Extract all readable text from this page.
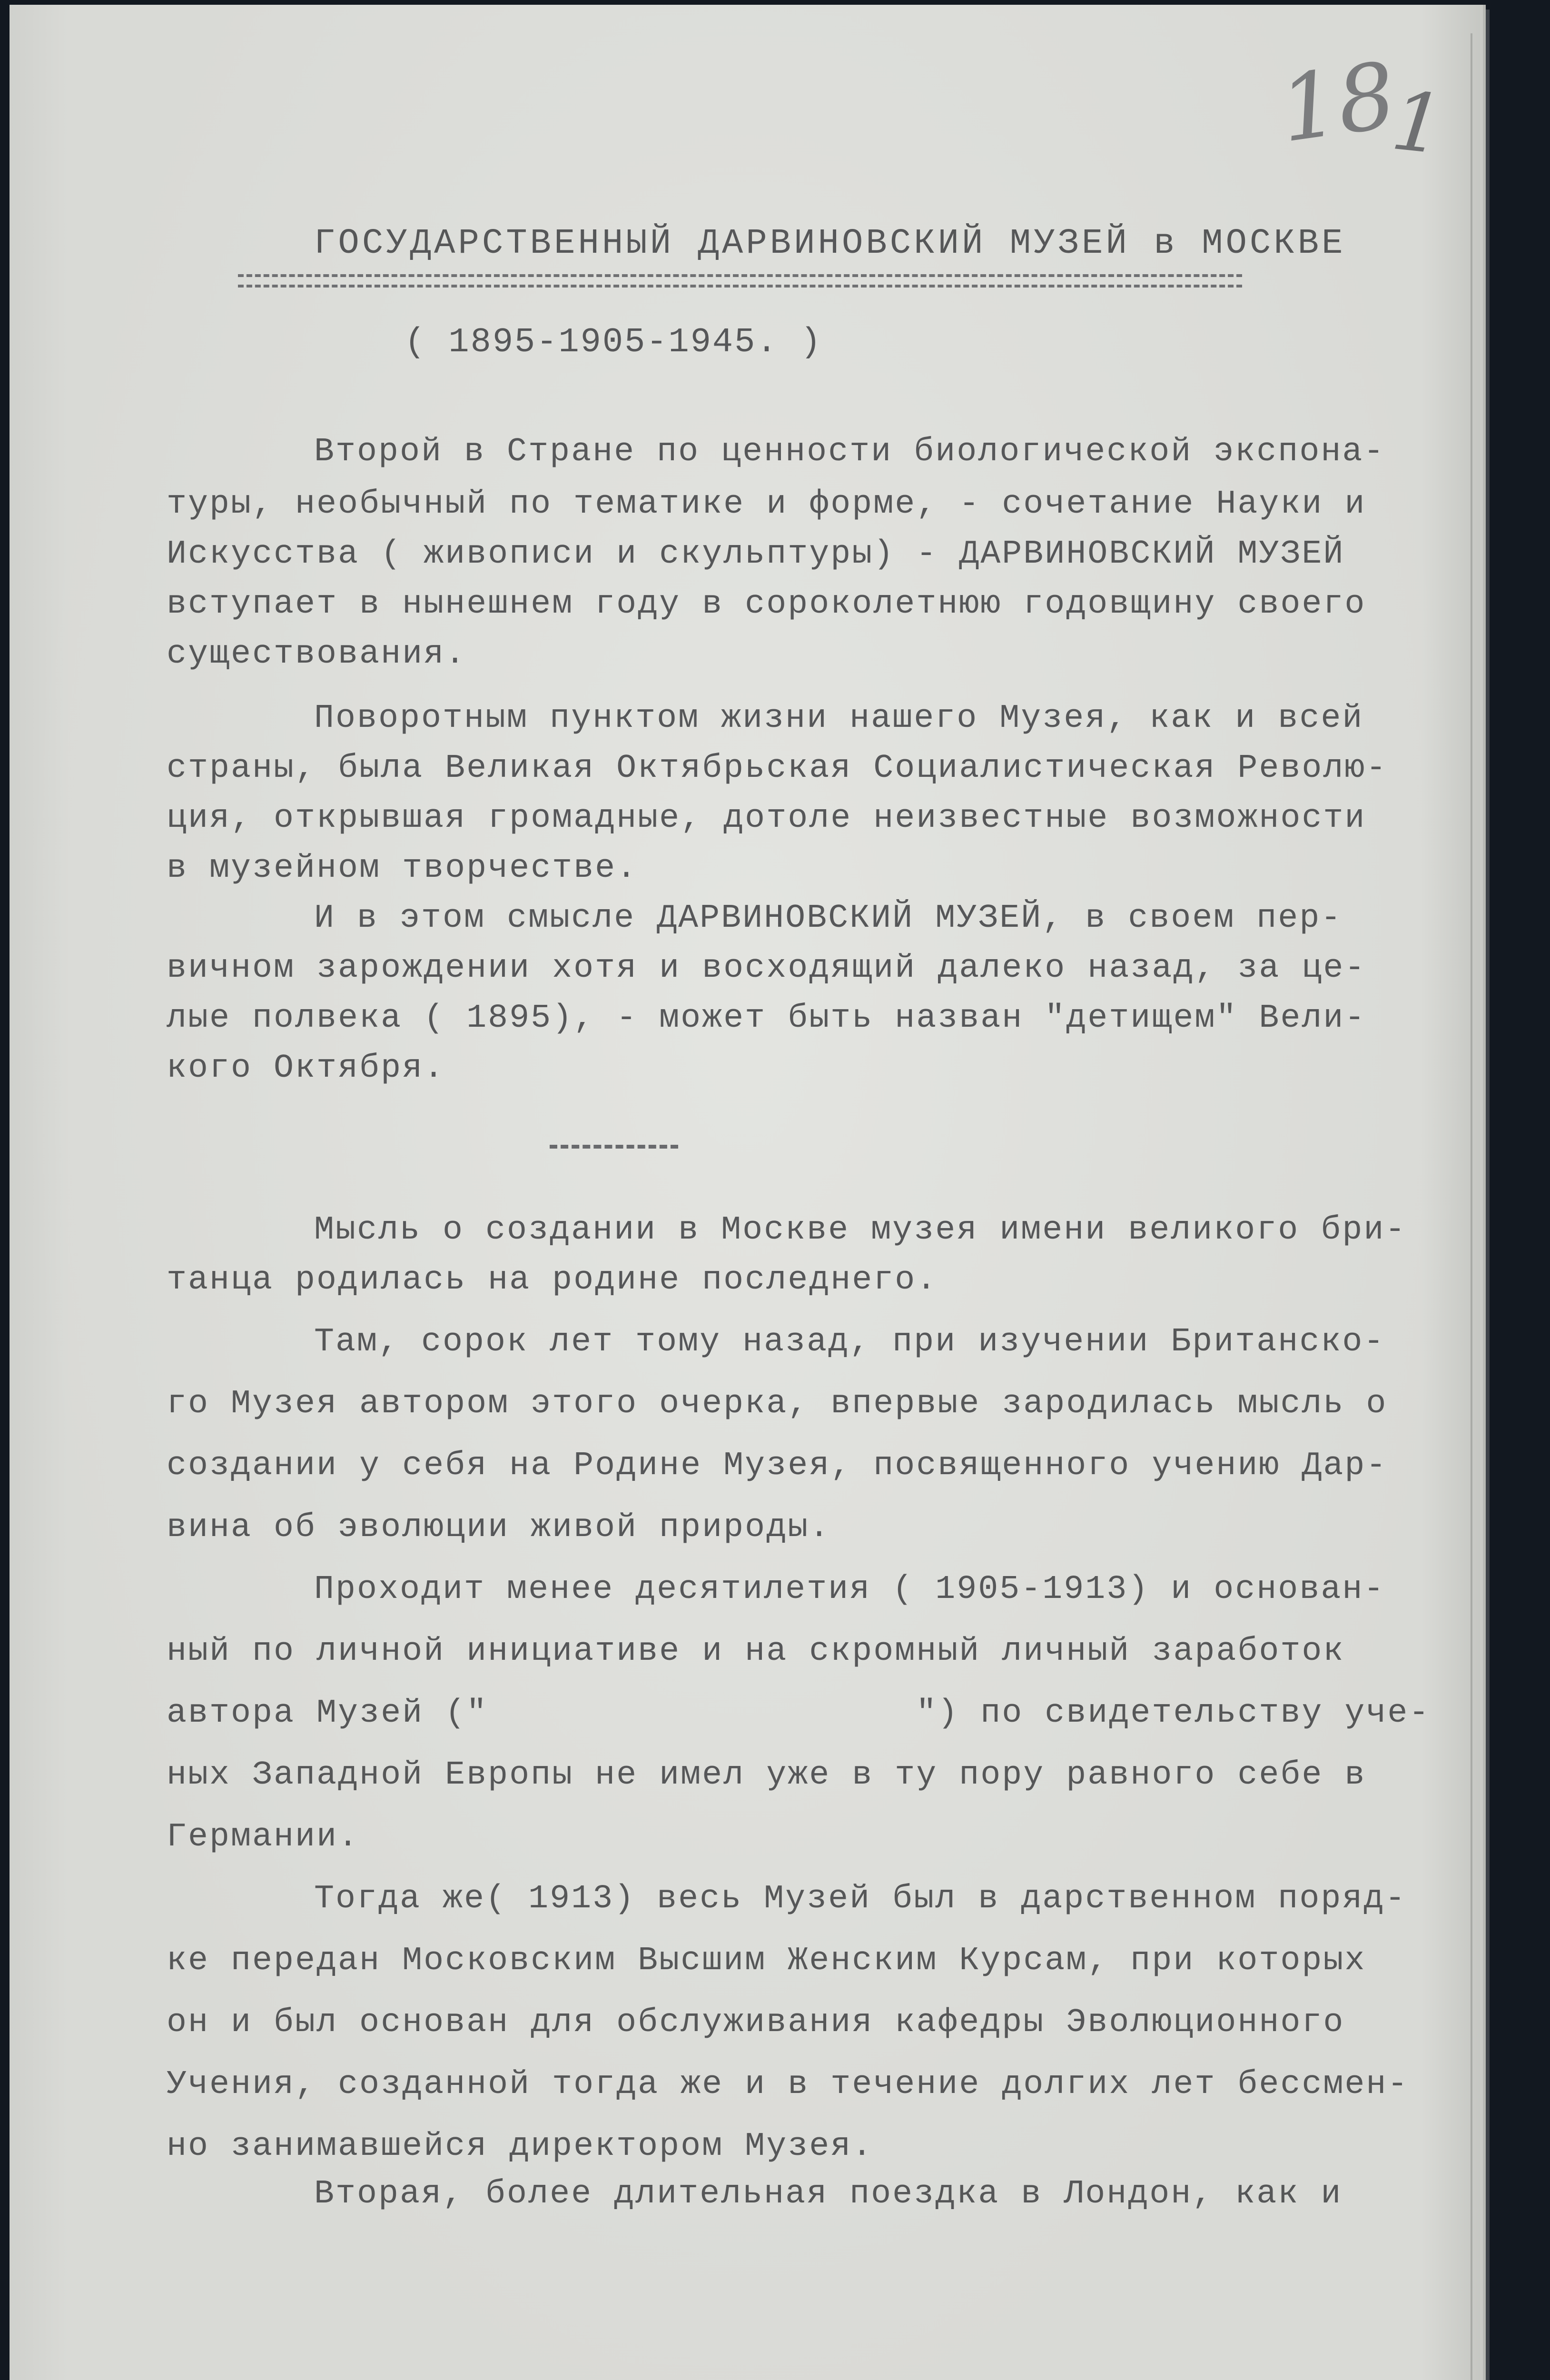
18
1
ГОСУДАРСТВЕННЫЙ ДАРВИНОВСКИЙ МУЗЕЙ в МОСКВЕ
( 1895-1905-1945. )
Второй в Стране по ценности биологической экспона-
туры, необычный по тематике и форме, - сочетание Науки и
Искусства ( живописи и скульптуры) - ДАРВИНОВСКИЙ МУЗЕЙ
вступает в нынешнем году в сороколетнюю годовщину своего
существования.
Поворотным пунктом жизни нашего Музея, как и всей
страны, была Великая Октябрьская Социалистическая Револю-
ция, открывшая громадные, дотоле неизвестные возможности
в музейном творчестве.
И в этом смысле ДАРВИНОВСКИЙ МУЗЕЙ, в своем пер-
вичном зарождении хотя и восходящий далеко назад, за це-
лые полвека ( 1895), - может быть назван "детищем" Вели-
кого Октября.
Мысль о создании в Москве музея имени великого бри-
танца родилась на родине последнего.
Там, сорок лет тому назад, при изучении Британско-
го Музея автором этого очерка, впервые зародилась мысль о
создании у себя на Родине Музея, посвященного учению Дар-
вина об эволюции живой природы.
Проходит менее десятилетия ( 1905-1913) и основан-
ный по личной инициативе и на скромный личный заработок
автора Музей ("                    ") по свидетельству уче-
ных Западной Европы не имел уже в ту пору равного себе в
Германии.
Тогда же( 1913) весь Музей был в дарственном поряд-
ке передан Московским Высшим Женским Курсам, при которых
он и был основан для обслуживания кафедры Эволюционного
Учения, созданной тогда же и в течение долгих лет бессмен-
но занимавшейся директором Музея.
Вторая, более длительная поездка в Лондон, как и
